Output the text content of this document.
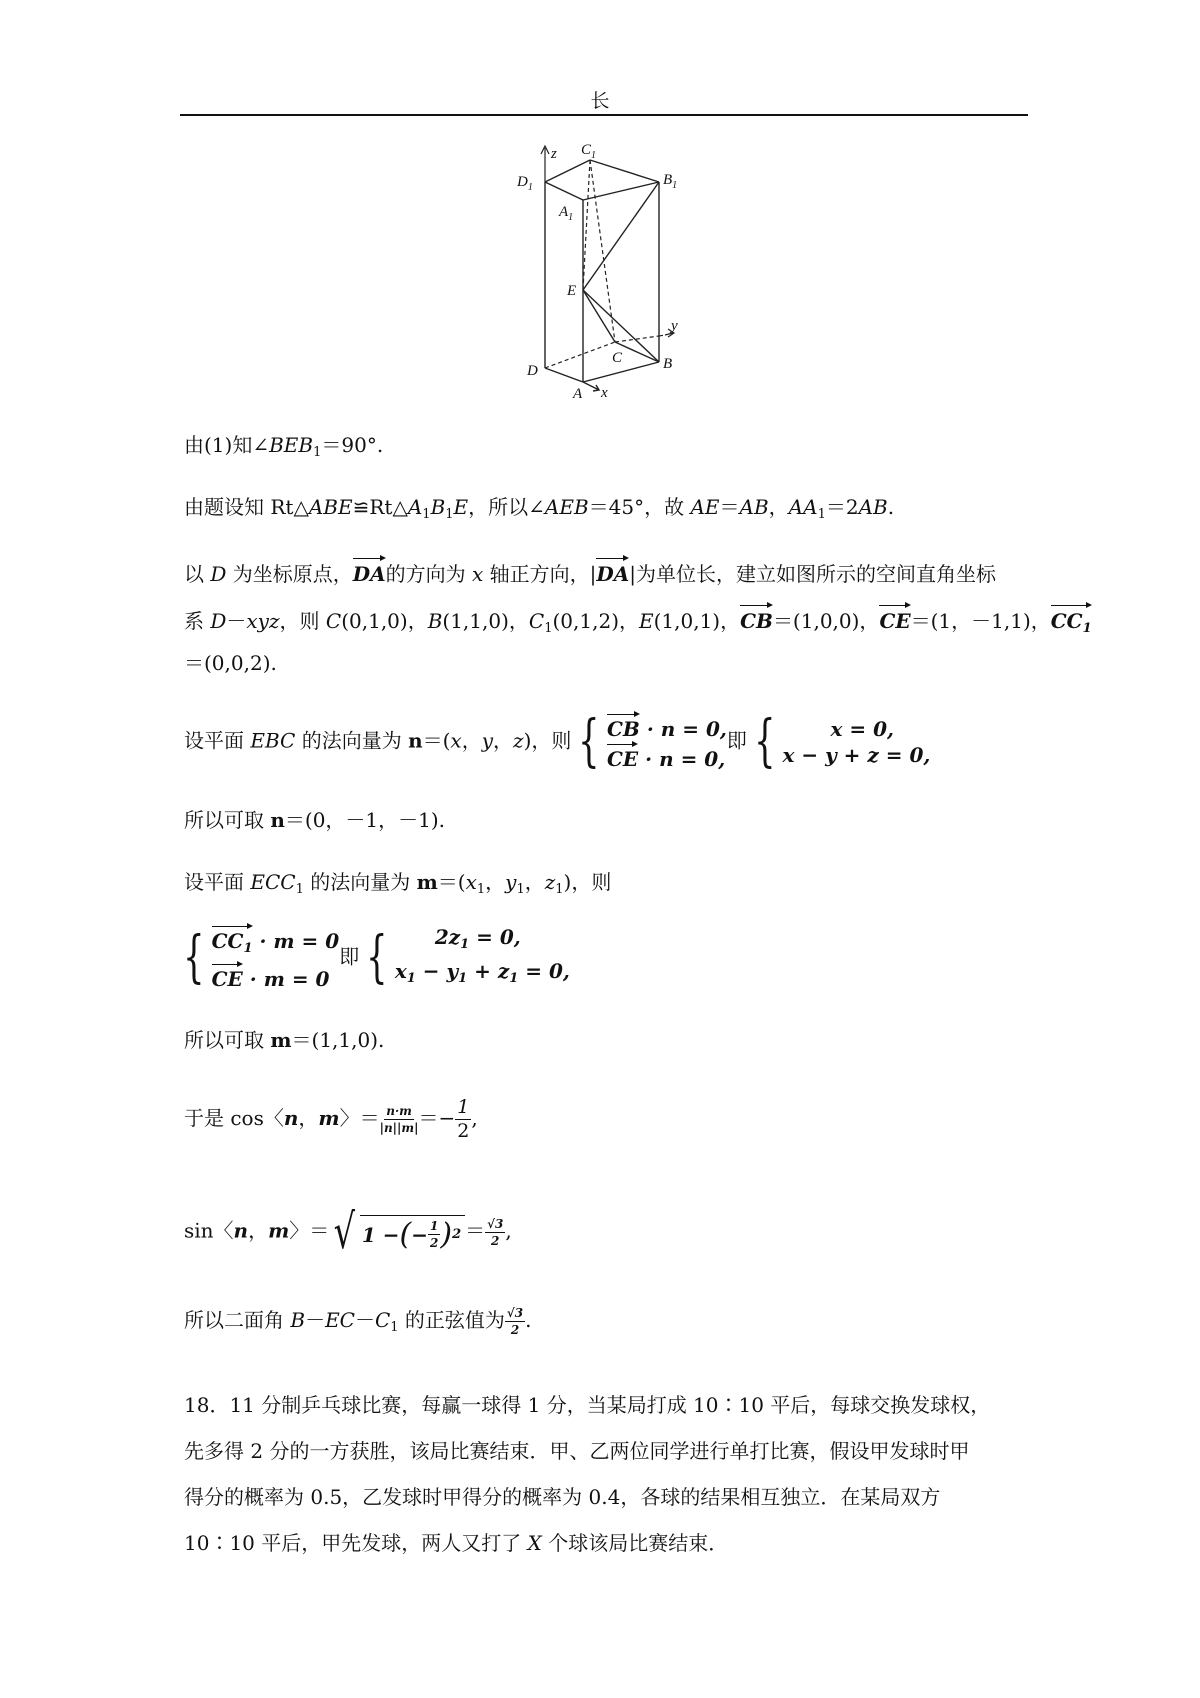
长
z $C_1$
$D_1$	$B_1$
$A_1$
E
y
C
D	B
A x
由(1)知$\angle BEB_1=90^\circ$.
由题设知 $Rt\triangle ABE≌Rt\triangle A_1B_1E$，所以∠AEB＝45°，故 AE＝AB，$AA_1=2AB$.
以 D 为坐标原点，DA的方向为 x 轴正方向，|DA|为单位长，建立如图所示的空间直角坐标
系 D－xyz，则 C(0,1,0)，B(1,1,0)，$C_1(0,1,2)$，E(1,0,1)，CB＝(1,0,0)，CE＝(1，－1,1)，$CC_1$
＝(0,0,2).
设平面 EBC 的法向量为 n＝(x，y，z)，则 { CB · n = 0,
CE · n = 0,
即 {	x = 0,
x − y + z = 0,
所以可取 n＝(0，－1，－1).
设平面 $ECC_1$ 的法向量为 $m=(x_1$，$y_1$，$z_1$)，则
{ $CC_1 \cdot m = 0$
CE · m = 0
即 {	$2z_1 = 0$,
$x_1 - y_1 + z_1 = 0$,
所以可取 m＝(1,1,0).
于是 cos〈n，m〉＝ $\frac{n\cdot m}{|n||m|} =- \frac{1}{2}$ ,
sin〈n，m〉＝ √ 1 − ( − $\frac{1}{2}$ ) $2 = \frac{√3}{2}$ ,
所以二面角 $B-EC-C_1$ 的正弦值为 $\frac{√3}{2}$ .
18．11 分制乒乓球比赛，每赢一球得 1 分，当某局打成 10∶10 平后，每球交换发球权，
先多得 2 分的一方获胜，该局比赛结束．甲、乙两位同学进行单打比赛，假设甲发球时甲
得分的概率为 0.5，乙发球时甲得分的概率为 0.4，各球的结果相互独立．在某局双方
10∶10 平后，甲先发球，两人又打了 X 个球该局比赛结束．
